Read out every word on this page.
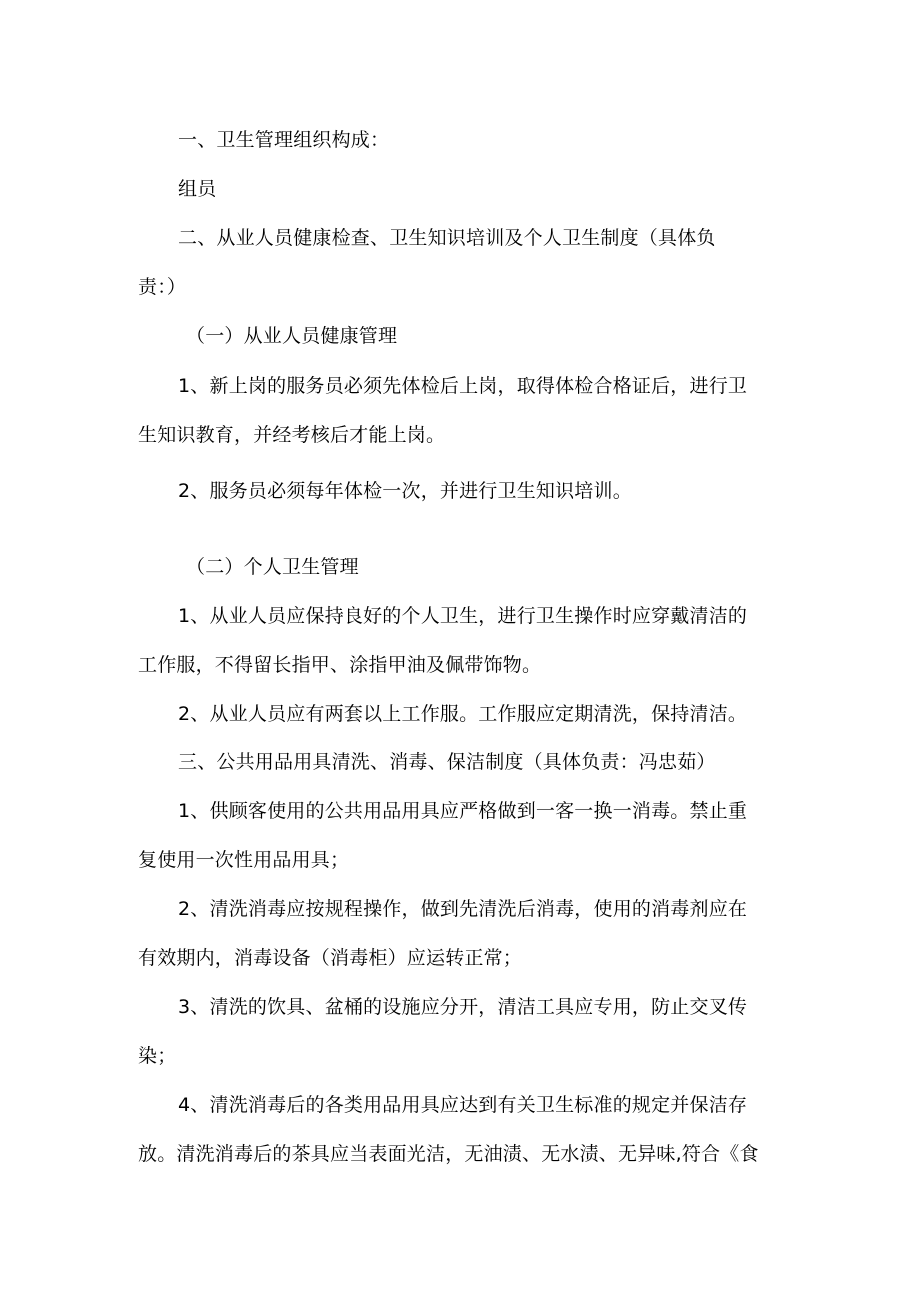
一、卫生管理组织构成：
组员
二、从业人员健康检查、卫生知识培训及个人卫生制度（具体负
责：）
（一）从业人员健康管理
1、新上岗的服务员必须先体检后上岗，取得体检合格证后，进行卫
生知识教育，并经考核后才能上岗。
2、服务员必须每年体检一次，并进行卫生知识培训。
（二）个人卫生管理
1、从业人员应保持良好的个人卫生，进行卫生操作时应穿戴清洁的
工作服，不得留长指甲、涂指甲油及佩带饰物。
2、从业人员应有两套以上工作服。工作服应定期清洗，保持清洁。
三、公共用品用具清洗、消毒、保洁制度（具体负责：冯忠茹）
1、供顾客使用的公共用品用具应严格做到一客一换一消毒。禁止重
复使用一次性用品用具；
2、清洗消毒应按规程操作，做到先清洗后消毒，使用的消毒剂应在
有效期内，消毒设备（消毒柜）应运转正常；
3、清洗的饮具、盆桶的设施应分开，清洁工具应专用，防止交叉传
染；
4、清洗消毒后的各类用品用具应达到有关卫生标准的规定并保洁存
放。清洗消毒后的茶具应当表面光洁，无油渍、无水渍、无异味,符合《食
